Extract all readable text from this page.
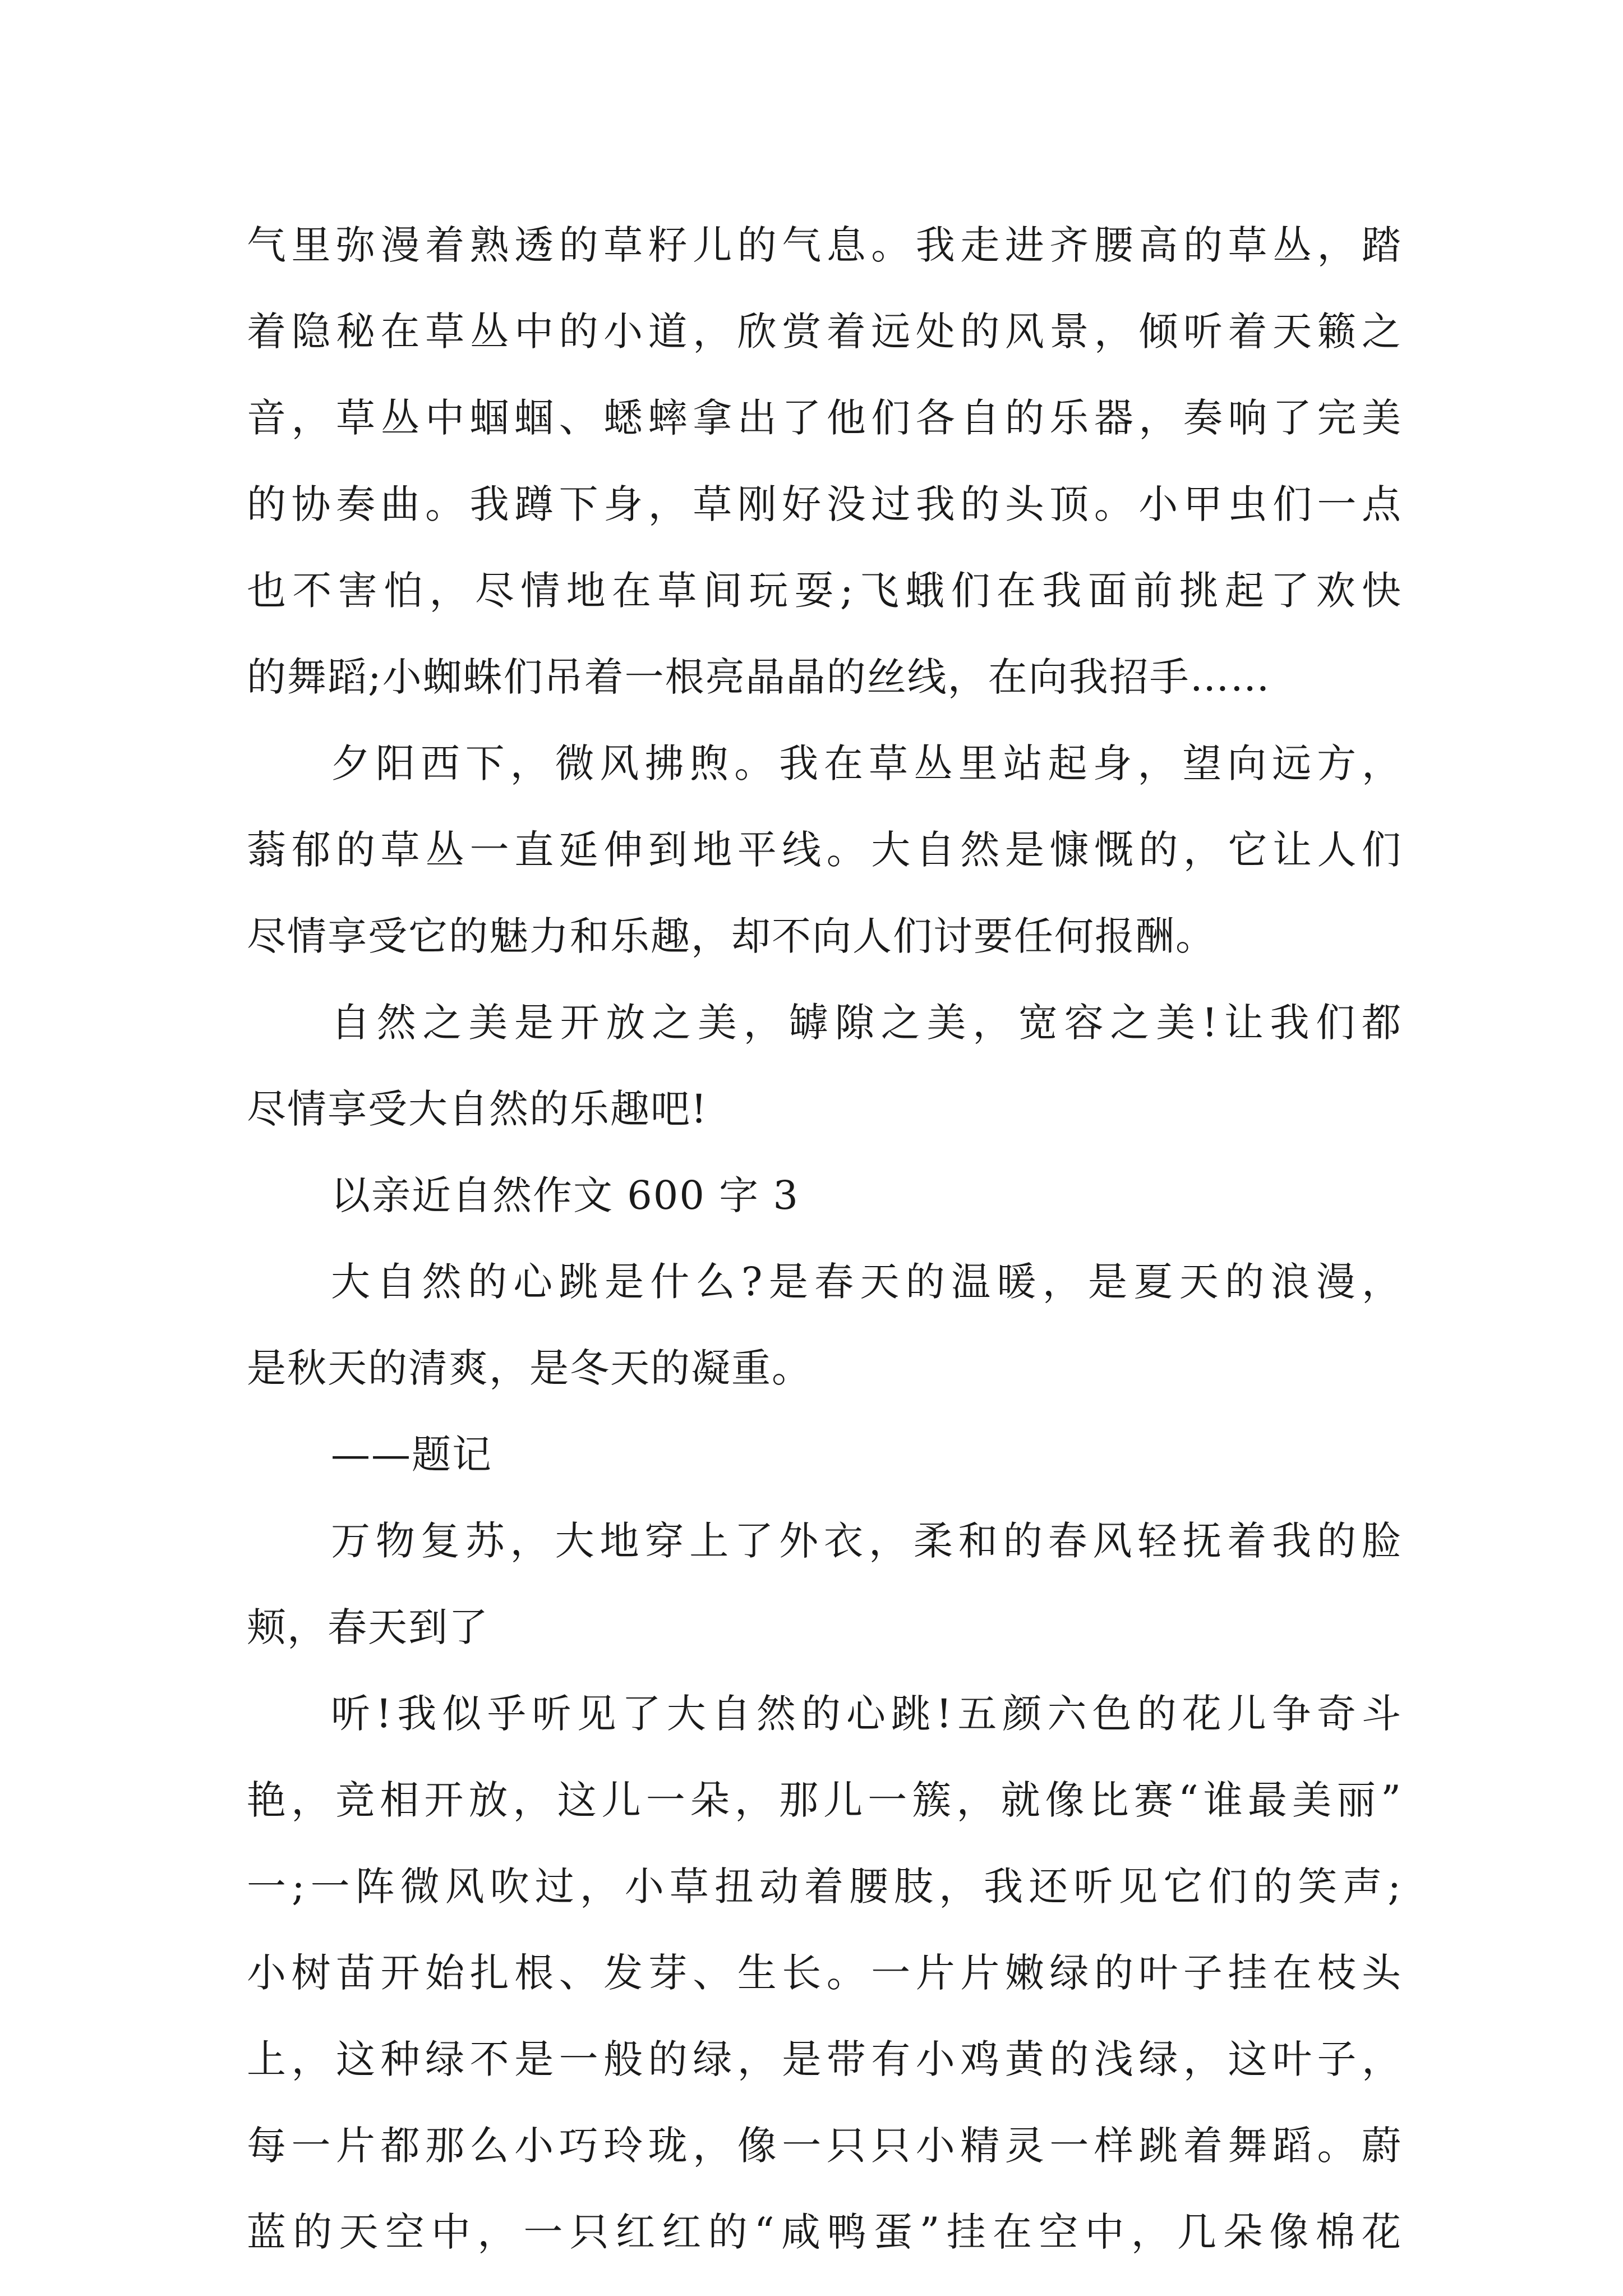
气里弥漫着熟透的草籽儿的气息。我走进齐腰高的草丛，踏
着隐秘在草丛中的小道，欣赏着远处的风景，倾听着天籁之
音，草丛中蝈蝈、蟋蟀拿出了他们各自的乐器，奏响了完美
的协奏曲。我蹲下身，草刚好没过我的头顶。小甲虫们一点
也不害怕，尽情地在草间玩耍;飞蛾们在我面前挑起了欢快
的舞蹈;小蜘蛛们吊着一根亮晶晶的丝线，在向我招手……
夕阳西下，微风拂煦。我在草丛里站起身，望向远方，
蓊郁的草丛一直延伸到地平线。大自然是慷慨的，它让人们
尽情享受它的魅力和乐趣，却不向人们讨要任何报酬。
自然之美是开放之美，罅隙之美，宽容之美!让我们都
尽情享受大自然的乐趣吧!
以亲近自然作文 600 字 3
大自然的心跳是什么?是春天的温暖，是夏天的浪漫，
是秋天的清爽，是冬天的凝重。
——题记
万物复苏，大地穿上了外衣，柔和的春风轻抚着我的脸
颊，春天到了
听!我似乎听见了大自然的心跳!五颜六色的花儿争奇斗
艳，竞相开放，这儿一朵，那儿一簇，就像比赛“谁最美丽”
一;一阵微风吹过，小草扭动着腰肢，我还听见它们的笑声;
小树苗开始扎根、发芽、生长。一片片嫩绿的叶子挂在枝头
上，这种绿不是一般的绿，是带有小鸡黄的浅绿，这叶子，
每一片都那么小巧玲珑，像一只只小精灵一样跳着舞蹈。蔚
蓝的天空中，一只红红的“咸鸭蛋”挂在空中，几朵像棉花
